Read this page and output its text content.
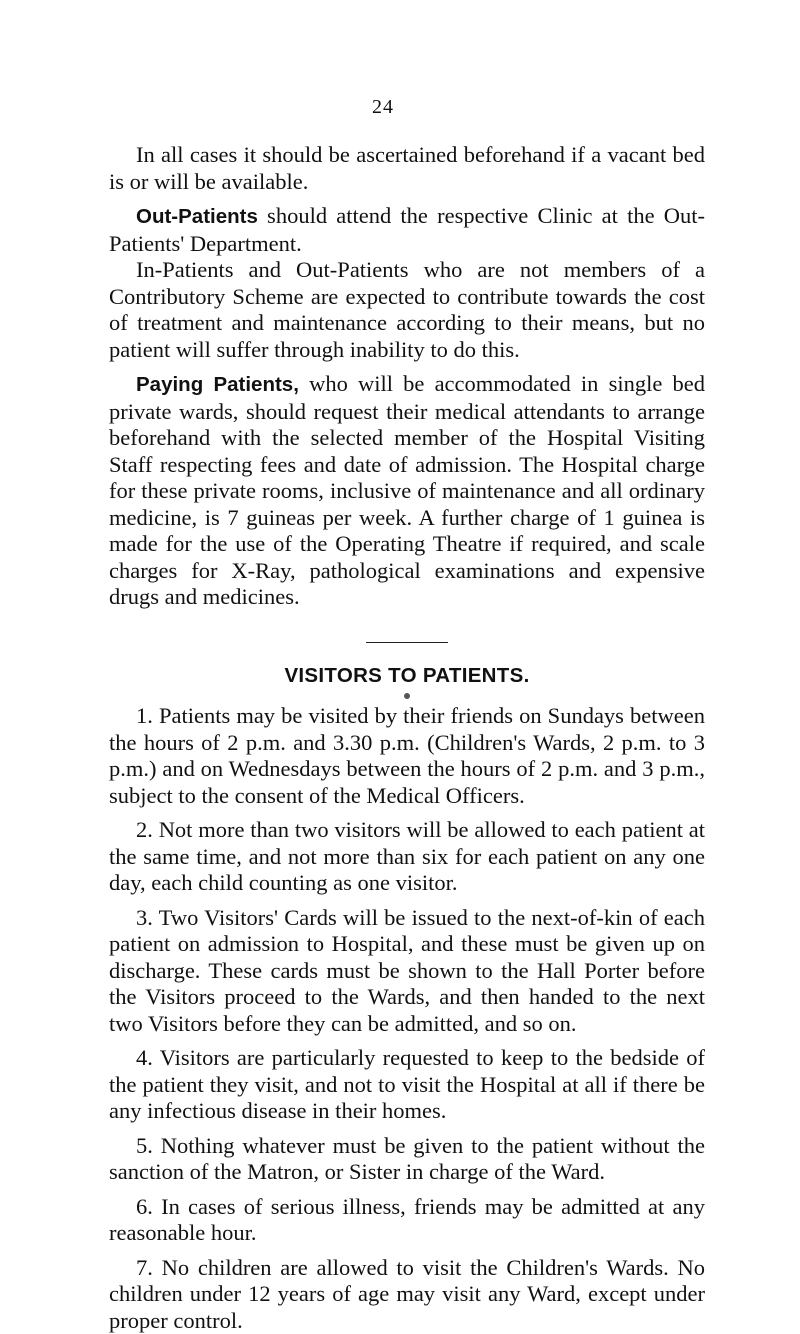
24

In all cases it should be ascertained beforehand if a vacant bed is or will be available.

Out-Patients should attend the respective Clinic at the Out-Patients' Department.

In-Patients and Out-Patients who are not members of a Contributory Scheme are expected to contribute towards the cost of treatment and maintenance according to their means, but no patient will suffer through inability to do this.

Paying Patients, who will be accommodated in single bed private wards, should request their medical attendants to arrange beforehand with the selected member of the Hospital Visiting Staff respecting fees and date of admission. The Hospital charge for these private rooms, inclusive of maintenance and all ordinary medicine, is 7 guineas per week. A further charge of 1 guinea is made for the use of the Operating Theatre if required, and scale charges for X-Ray, pathological examinations and expensive drugs and medicines.

VISITORS TO PATIENTS.

1. Patients may be visited by their friends on Sundays between the hours of 2 p.m. and 3.30 p.m. (Children's Wards, 2 p.m. to 3 p.m.) and on Wednesdays between the hours of 2 p.m. and 3 p.m., subject to the consent of the Medical Officers.

2. Not more than two visitors will be allowed to each patient at the same time, and not more than six for each patient on any one day, each child counting as one visitor.

3. Two Visitors' Cards will be issued to the next-of-kin of each patient on admission to Hospital, and these must be given up on discharge. These cards must be shown to the Hall Porter before the Visitors proceed to the Wards, and then handed to the next two Visitors before they can be admitted, and so on.

4. Visitors are particularly requested to keep to the bedside of the patient they visit, and not to visit the Hospital at all if there be any infectious disease in their homes.

5. Nothing whatever must be given to the patient without the sanction of the Matron, or Sister in charge of the Ward.

6. In cases of serious illness, friends may be admitted at any reasonable hour.

7. No children are allowed to visit the Children's Wards. No children under 12 years of age may visit any Ward, except under proper control.
